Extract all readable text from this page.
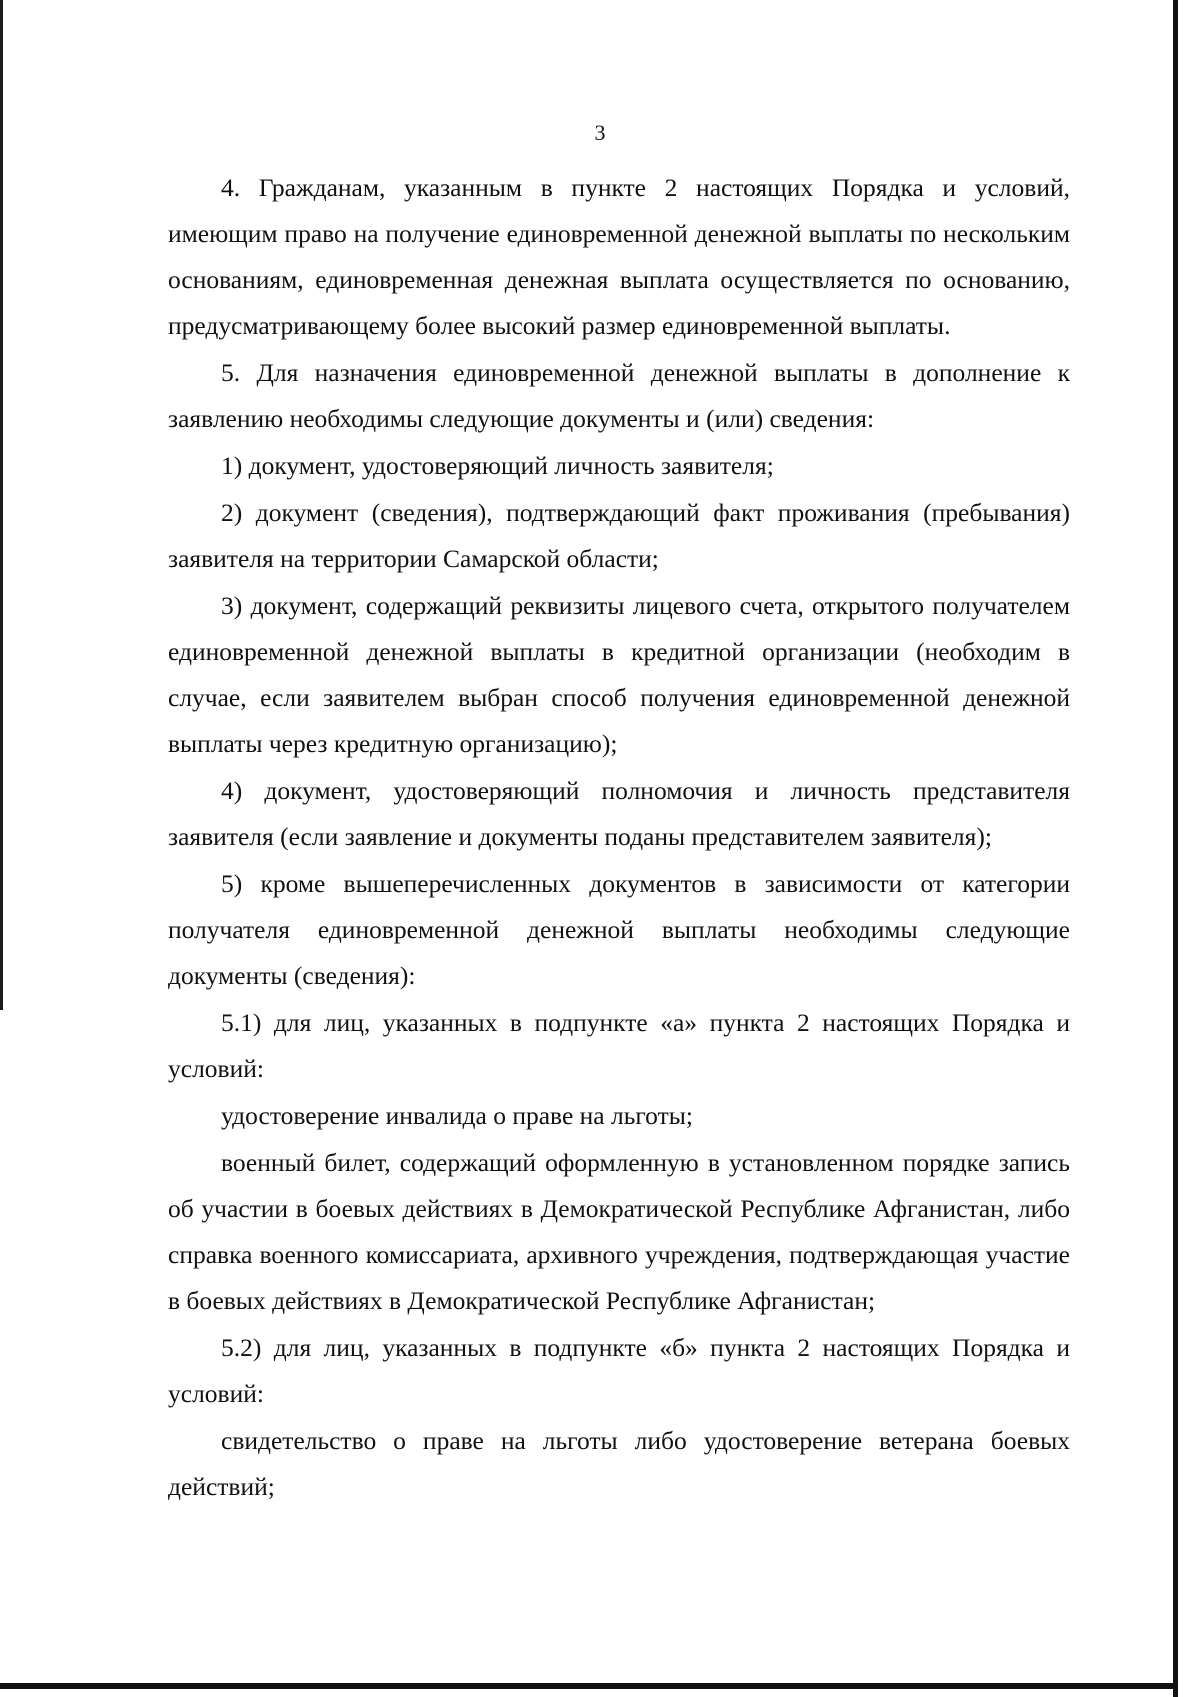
3

4. Гражданам, указанным в пункте 2 настоящих Порядка и условий, имеющим право на получение единовременной денежной выплаты по нескольким основаниям, единовременная денежная выплата осуществляется по основанию, предусматривающему более высокий размер единовременной выплаты.

5. Для назначения единовременной денежной выплаты в дополнение к заявлению необходимы следующие документы и (или) сведения:

1) документ, удостоверяющий личность заявителя;

2) документ (сведения), подтверждающий факт проживания (пребывания) заявителя на территории Самарской области;

3) документ, содержащий реквизиты лицевого счета, открытого получателем единовременной денежной выплаты в кредитной организации (необходим в случае, если заявителем выбран способ получения единовременной денежной выплаты через кредитную организацию);

4) документ, удостоверяющий полномочия и личность представителя заявителя (если заявление и документы поданы представителем заявителя);

5) кроме вышеперечисленных документов в зависимости от категории получателя единовременной денежной выплаты необходимы следующие документы (сведения):

5.1) для лиц, указанных в подпункте «а» пункта 2 настоящих Порядка и условий:

удостоверение инвалида о праве на льготы;

военный билет, содержащий оформленную в установленном порядке запись об участии в боевых действиях в Демократической Республике Афганистан, либо справка военного комиссариата, архивного учреждения, подтверждающая участие в боевых действиях в Демократической Республике Афганистан;

5.2) для лиц, указанных в подпункте «б» пункта 2 настоящих Порядка и условий:

свидетельство о праве на льготы либо удостоверение ветерана боевых действий;
